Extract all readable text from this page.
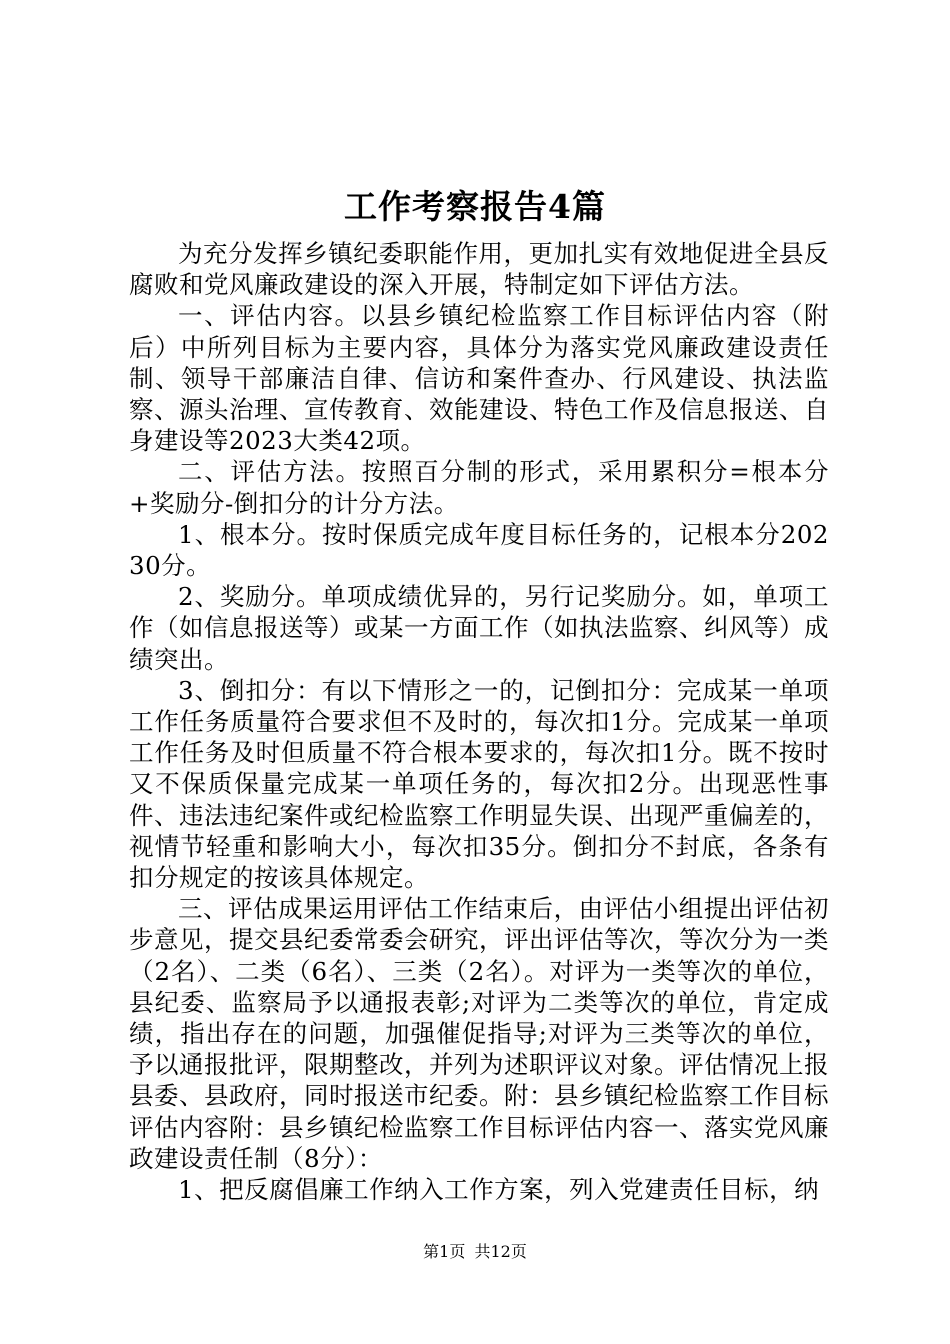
工作考察报告4篇

为充分发挥乡镇纪委职能作用，更加扎实有效地促进全县反腐败和党风廉政建设的深入开展，特制定如下评估方法。

一、评估内容。以县乡镇纪检监察工作目标评估内容（附后）中所列目标为主要内容，具体分为落实党风廉政建设责任制、领导干部廉洁自律、信访和案件查办、行风建设、执法监察、源头治理、宣传教育、效能建设、特色工作及信息报送、自身建设等2023大类42项。

二、评估方法。按照百分制的形式，采用累积分=根本分+奖励分-倒扣分的计分方法。

1、根本分。按时保质完成年度目标任务的，记根本分20230分。

2、奖励分。单项成绩优异的，另行记奖励分。如，单项工作（如信息报送等）或某一方面工作（如执法监察、纠风等）成绩突出。

3、倒扣分：有以下情形之一的，记倒扣分：完成某一单项工作任务质量符合要求但不及时的，每次扣1分。完成某一单项工作任务及时但质量不符合根本要求的，每次扣1分。既不按时又不保质保量完成某一单项任务的，每次扣2分。出现恶性事件、违法违纪案件或纪检监察工作明显失误、出现严重偏差的，视情节轻重和影响大小，每次扣35分。倒扣分不封底，各条有扣分规定的按该具体规定。

三、评估成果运用评估工作结束后，由评估小组提出评估初步意见，提交县纪委常委会研究，评出评估等次，等次分为一类（2名）、二类（6名）、三类（2名）。对评为一类等次的单位，县纪委、监察局予以通报表彰;对评为二类等次的单位，肯定成绩，指出存在的问题，加强催促指导;对评为三类等次的单位，予以通报批评，限期整改，并列为述职评议对象。评估情况上报县委、县政府，同时报送市纪委。附：县乡镇纪检监察工作目标评估内容附：县乡镇纪检监察工作目标评估内容一、落实党风廉政建设责任制（8分）：

1、把反腐倡廉工作纳入工作方案，列入党建责任目标，纳

第1页 共12页
